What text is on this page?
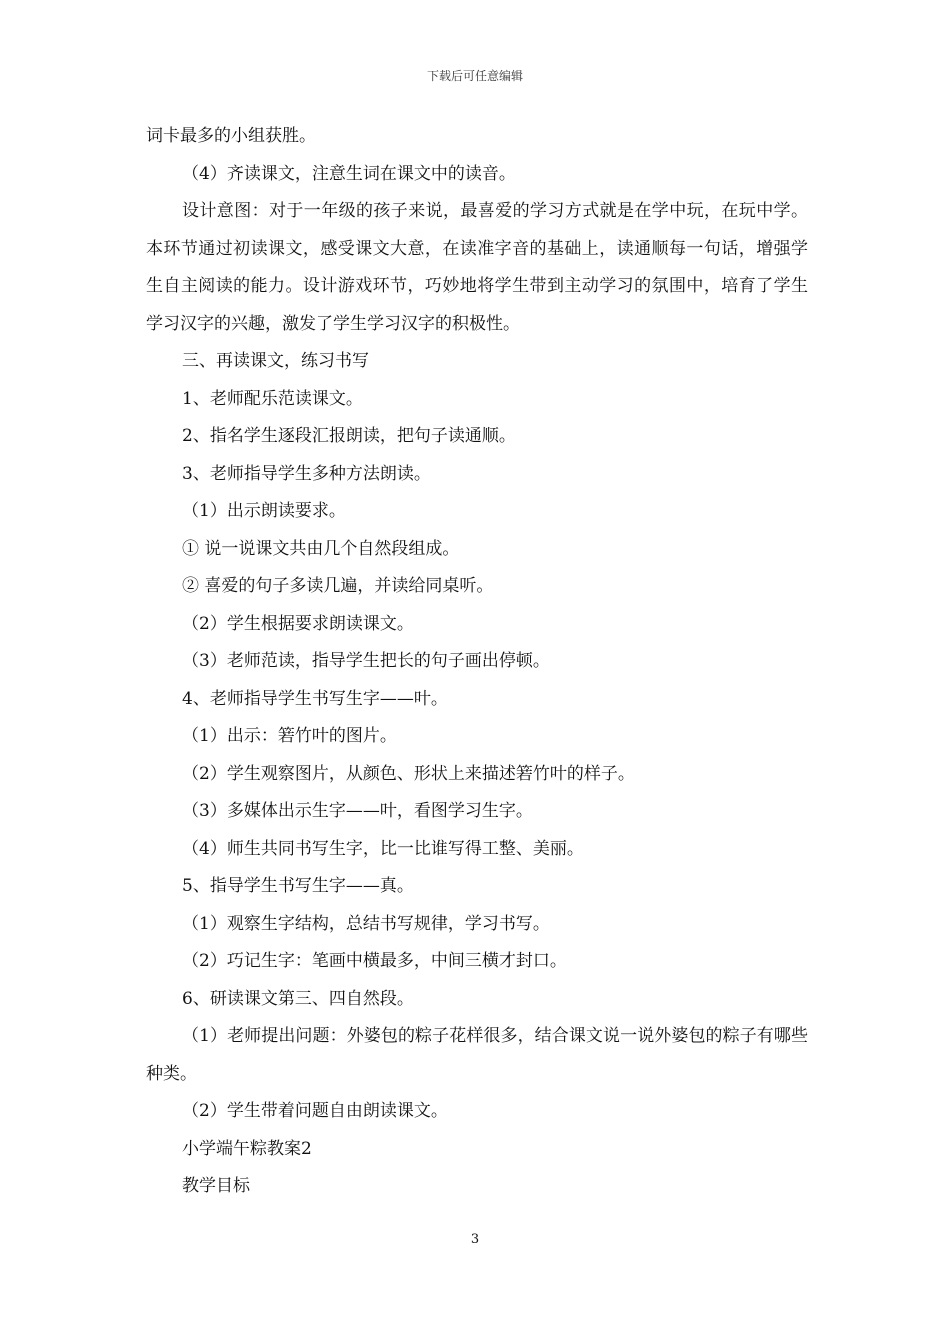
下载后可任意编辑

词卡最多的小组获胜。

（4）齐读课文，注意生词在课文中的读音。

设计意图：对于一年级的孩子来说，最喜爱的学习方式就是在学中玩，在玩中学。本环节通过初读课文，感受课文大意，在读准字音的基础上，读通顺每一句话，增强学生自主阅读的能力。设计游戏环节，巧妙地将学生带到主动学习的氛围中，培育了学生学习汉字的兴趣，激发了学生学习汉字的积极性。

三、再读课文，练习书写

1、老师配乐范读课文。

2、指名学生逐段汇报朗读，把句子读通顺。

3、老师指导学生多种方法朗读。

（1）出示朗读要求。

① 说一说课文共由几个自然段组成。

② 喜爱的句子多读几遍，并读给同桌听。

（2）学生根据要求朗读课文。

（3）老师范读，指导学生把长的句子画出停顿。

4、老师指导学生书写生字——叶。

（1）出示：箬竹叶的图片。

（2）学生观察图片，从颜色、形状上来描述箬竹叶的样子。

（3）多媒体出示生字——叶，看图学习生字。

（4）师生共同书写生字，比一比谁写得工整、美丽。

5、指导学生书写生字——真。

（1）观察生字结构，总结书写规律，学习书写。

（2）巧记生字：笔画中横最多，中间三横才封口。

6、研读课文第三、四自然段。

（1）老师提出问题：外婆包的粽子花样很多，结合课文说一说外婆包的粽子有哪些种类。

（2）学生带着问题自由朗读课文。

小学端午粽教案2

教学目标

3
